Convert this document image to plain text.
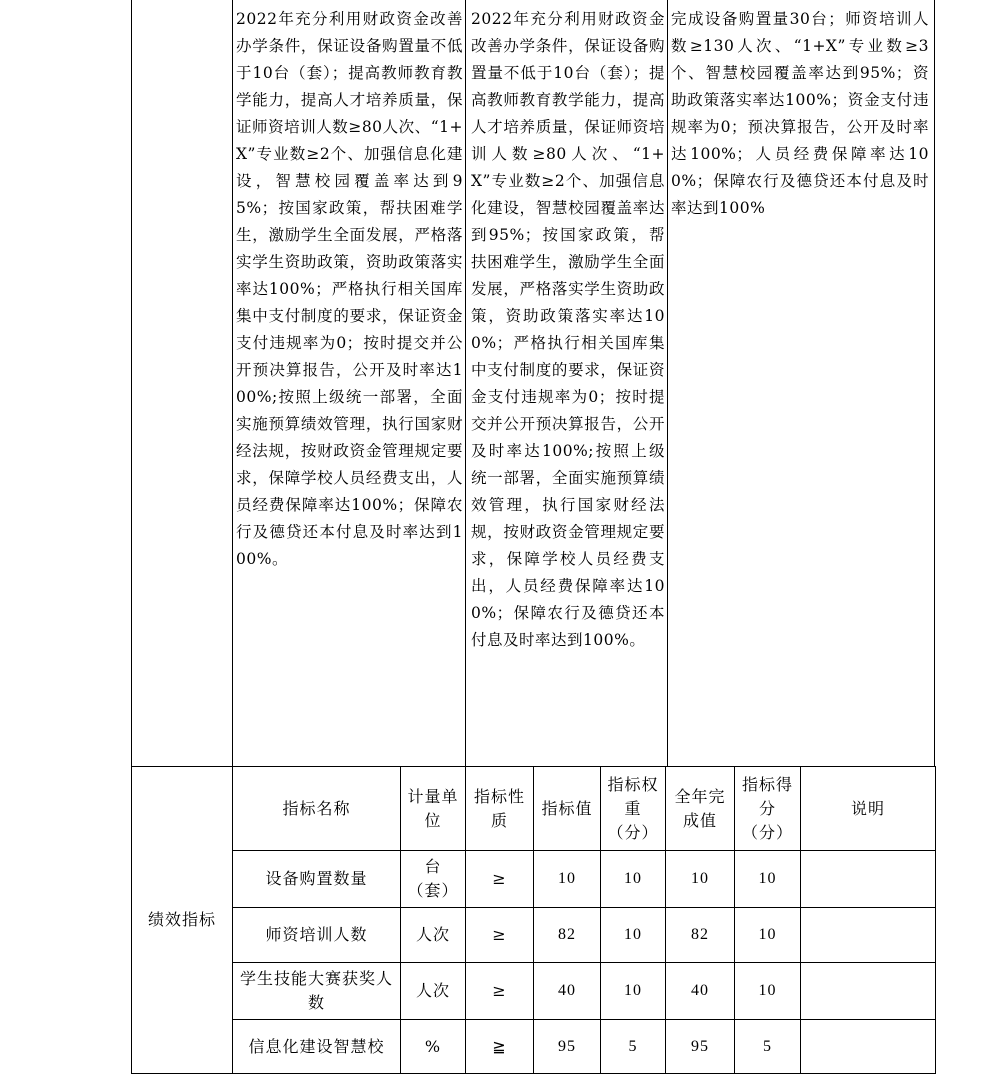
2022年充分利用财政资金改善办学条件，保证设备购置量不低于10台（套）；提高教师教育教学能力，提高人才培养质量，保证师资培训人数≥80人次、“1+X”专业数≥2个、加强信息化建设，智慧校园覆盖率达到95%；按国家政策，帮扶困难学生，激励学生全面发展，严格落实学生资助政策，资助政策落实率达100%；严格执行相关国库集中支付制度的要求，保证资金支付违规率为0；按时提交并公开预决算报告，公开及时率达100%;按照上级统一部署，全面实施预算绩效管理，执行国家财经法规，按财政资金管理规定要求，保障学校人员经费支出，人员经费保障率达100%；保障农行及德贷还本付息及时率达到100%。

2022年充分利用财政资金改善办学条件，保证设备购置量不低于10台（套）；提高教师教育教学能力，提高人才培养质量，保证师资培训人数≥80人次、“1+X”专业数≥2个、加强信息化建设，智慧校园覆盖率达到95%；按国家政策，帮扶困难学生，激励学生全面发展，严格落实学生资助政策，资助政策落实率达100%；严格执行相关国库集中支付制度的要求，保证资金支付违规率为0；按时提交并公开预决算报告，公开及时率达100%;按照上级统一部署，全面实施预算绩效管理，执行国家财经法规，按财政资金管理规定要求，保障学校人员经费支出，人员经费保障率达100%；保障农行及德贷还本付息及时率达到100%。

完成设备购置量30台；师资培训人数≥130人次、“1+X”专业数≥3个、智慧校园覆盖率达到95%；资助政策落实率达100%；资金支付违规率为0；预决算报告，公开及时率达100%；人员经费保障率达100%；保障农行及德贷还本付息及时率达到100%

绩效指标	指标名称	计量单位	指标性质	指标值	指标权重（分）	全年完成值	指标得分（分）	说明
	设备购置数量	台（套）	≥	10	10	10	10	
	师资培训人数	人次	≥	82	10	82	10	
	学生技能大赛获奖人数	人次	≥	40	10	40	10	
	信息化建设智慧校	%	≧	95	5	95	5	
